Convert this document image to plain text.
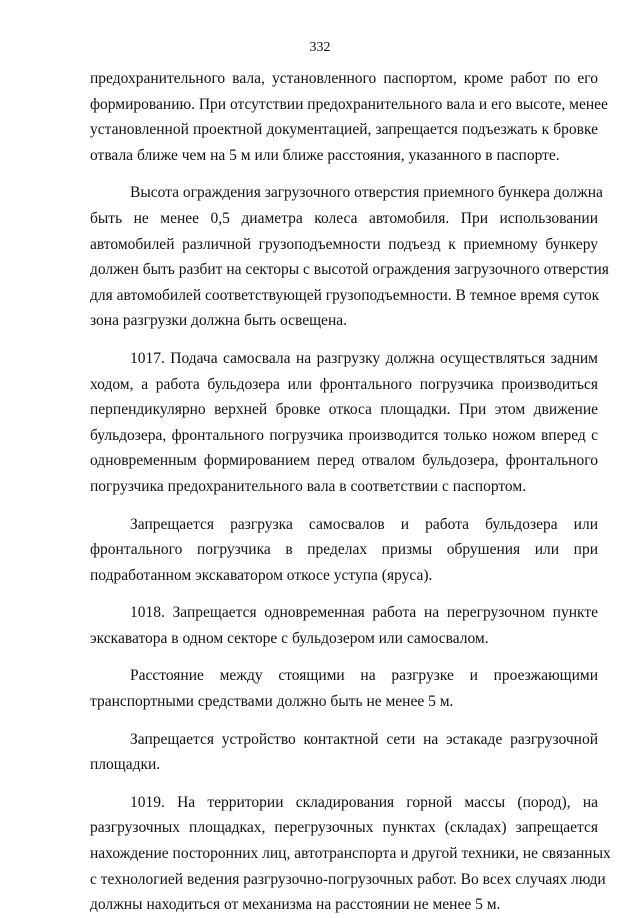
332

предохранительного вала, установленного паспортом, кроме работ по его
формированию. При отсутствии предохранительного вала и его высоте, менее
установленной проектной документацией, запрещается подъезжать к бровке
отвала ближе чем на 5 м или ближе расстояния, указанного в паспорте.

Высота ограждения загрузочного отверстия приемного бункера должна
быть не менее 0,5 диаметра колеса автомобиля. При использовании
автомобилей различной грузоподъемности подъезд к приемному бункеру
должен быть разбит на секторы с высотой ограждения загрузочного отверстия
для автомобилей соответствующей грузоподъемности. В темное время суток
зона разгрузки должна быть освещена.

1017. Подача самосвала на разгрузку должна осуществляться задним
ходом, а работа бульдозера или фронтального погрузчика производиться
перпендикулярно верхней бровке откоса площадки. При этом движение
бульдозера, фронтального погрузчика производится только ножом вперед с
одновременным формированием перед отвалом бульдозера, фронтального
погрузчика предохранительного вала в соответствии с паспортом.

Запрещается разгрузка самосвалов и работа бульдозера или
фронтального погрузчика в пределах призмы обрушения или при
подработанном экскаватором откосе уступа (яруса).

1018. Запрещается одновременная работа на перегрузочном пункте
экскаватора в одном секторе с бульдозером или самосвалом.

Расстояние между стоящими на разгрузке и проезжающими
транспортными средствами должно быть не менее 5 м.

Запрещается устройство контактной сети на эстакаде разгрузочной
площадки.

1019. На территории складирования горной массы (пород), на
разгрузочных площадках, перегрузочных пунктах (складах) запрещается
нахождение посторонних лиц, автотранспорта и другой техники, не связанных
с технологией ведения разгрузочно-погрузочных работ. Во всех случаях люди
должны находиться от механизма на расстоянии не менее 5 м.
